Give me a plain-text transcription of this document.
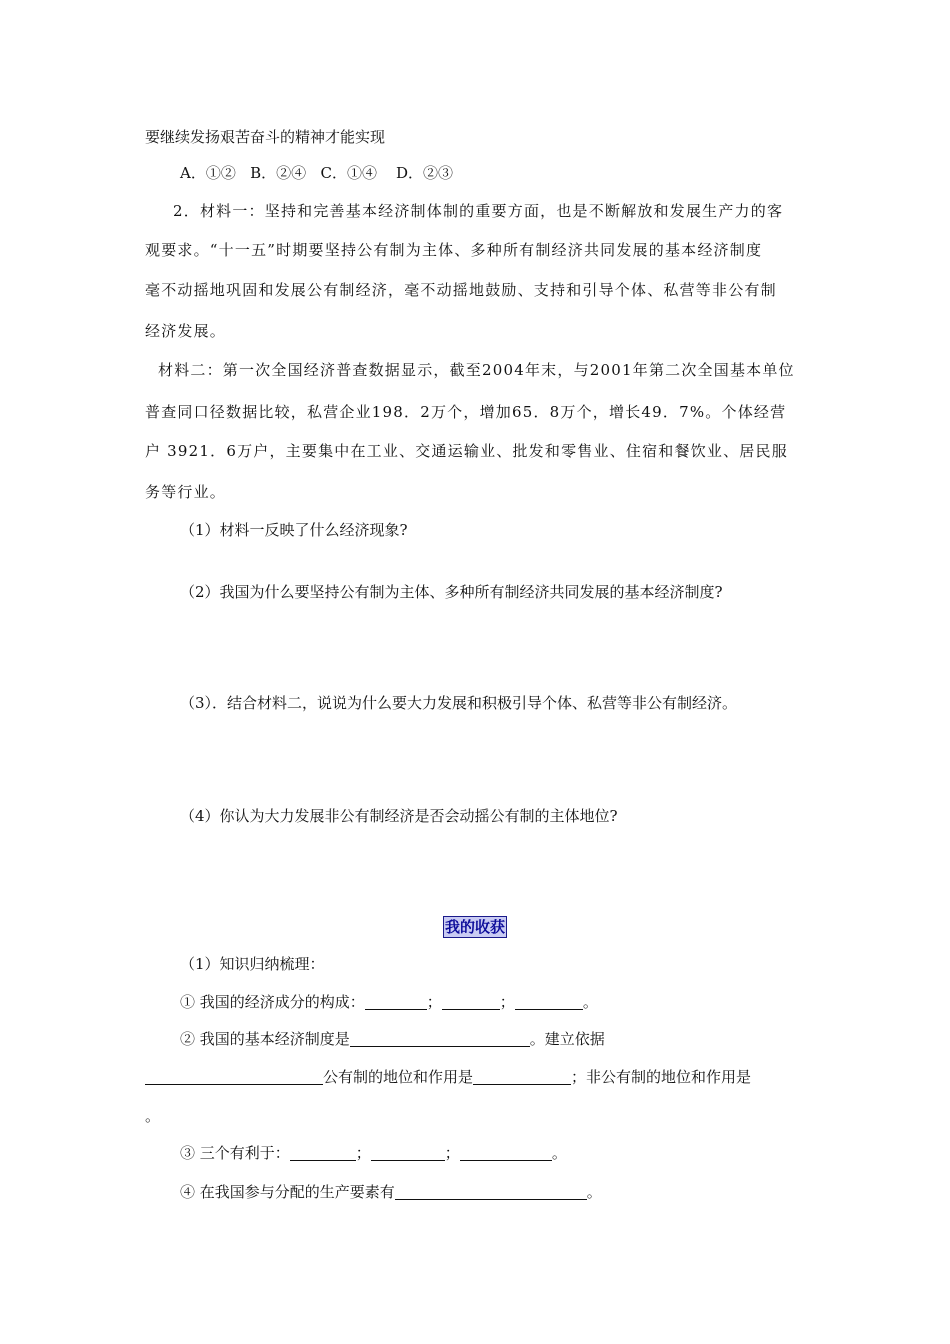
要继续发扬艰苦奋斗的精神才能实现

A．①②   B．②④   C．①④    D．②③

2．材料一：坚持和完善基本经济制体制的重要方面，也是不断解放和发展生产力的客

观要求。“十一五”时期要坚持公有制为主体、多种所有制经济共同发展的基本经济制度

毫不动摇地巩固和发展公有制经济，毫不动摇地鼓励、支持和引导个体、私营等非公有制

经济发展。

材料二：第一次全国经济普查数据显示，截至2004年末，与2001年第二次全国基本单位

普查同口径数据比较，私营企业198．2万个，增加65．8万个，增长49．7%。个体经营

户 3921．6万户，主要集中在工业、交通运输业、批发和零售业、住宿和餐饮业、居民服

务等行业。

（1）材料一反映了什么经济现象?

（2）我国为什么要坚持公有制为主体、多种所有制经济共同发展的基本经济制度?

（3）．结合材料二，说说为什么要大力发展和积极引导个体、私营等非公有制经济。

（4）你认为大力发展非公有制经济是否会动摇公有制的主体地位?

我的收获

（1）知识归纳梳理：

① 我国的经济成分的构成：	；	；	。

② 我国的基本经济制度是	。建立依据

公有制的地位和作用是	；非公有制的地位和作用是

。

③ 三个有利于：	；	；	。

④ 在我国参与分配的生产要素有	。
